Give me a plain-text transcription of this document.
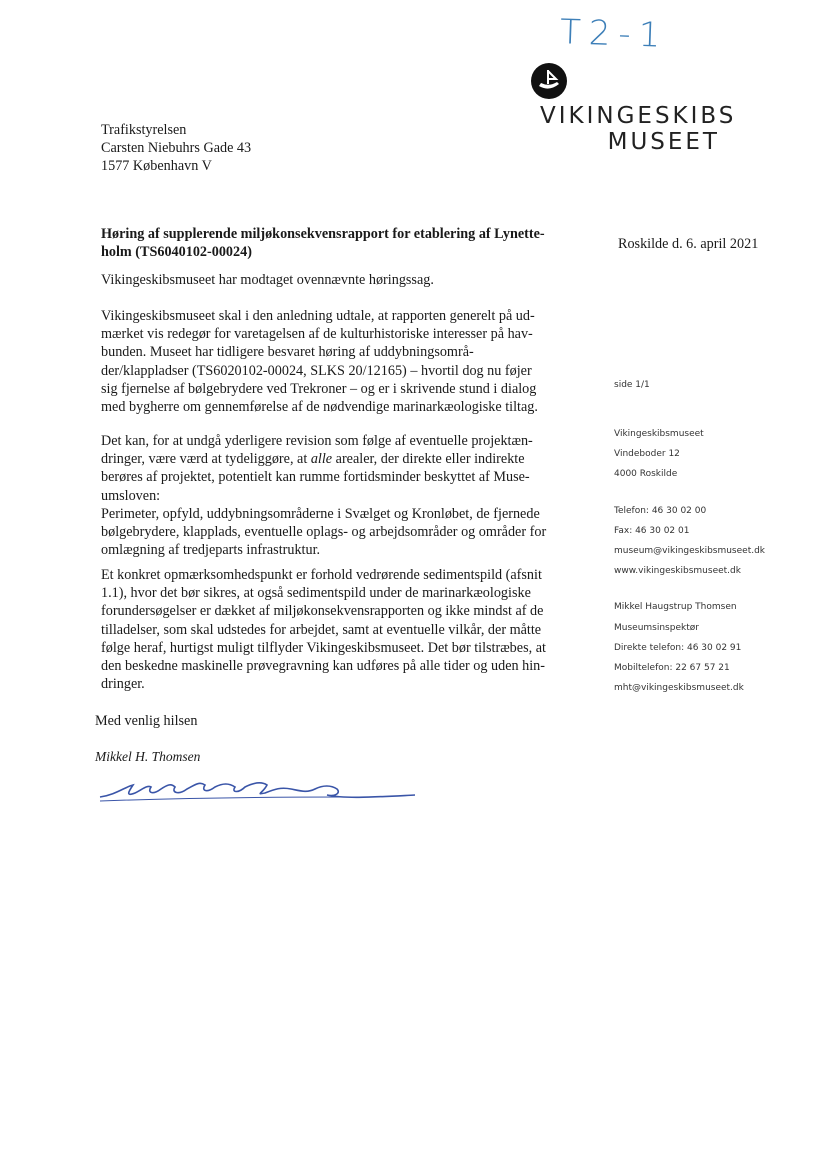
T2-1
VIKINGESKIBS
MUSEET
Trafikstyrelsen
Carsten Niebuhrs Gade 43
1577 København V
Høring af supplerende miljøkonsekvensrapport for etablering af Lynette-
holm (TS6040102-00024)	Roskilde d. 6. april 2021
Vikingeskibsmuseet har modtaget ovennævnte høringssag.
Vikingeskibsmuseet skal i den anledning udtale, at rapporten generelt på ud-
mærket vis redegør for varetagelsen af de kulturhistoriske interesser på hav-
bunden. Museet har tidligere besvaret høring af uddybningsområ-
der/klappladser (TS6020102-00024, SLKS 20/12165) – hvortil dog nu føjer
sig fjernelse af bølgebrydere ved Trekroner – og er i skrivende stund i dialog
med bygherre om gennemførelse af de nødvendige marinarkæologiske tiltag.
Det kan, for at undgå yderligere revision som følge af eventuelle projektæn-
dringer, være værd at tydeliggøre, at alle arealer, der direkte eller indirekte
berøres af projektet, potentielt kan rumme fortidsminder beskyttet af Muse-
umsloven:
Perimeter, opfyld, uddybningsområderne i Svælget og Kronløbet, de fjernede
bølgebrydere, klapplads, eventuelle oplags- og arbejdsområder og områder for
omlægning af tredjeparts infrastruktur.
Et konkret opmærksomhedspunkt er forhold vedrørende sedimentspild (afsnit
1.1), hvor det bør sikres, at også sedimentspild under de marinarkæologiske
forundersøgelser er dækket af miljøkonsekvensrapporten og ikke mindst af de
tilladelser, som skal udstedes for arbejdet, samt at eventuelle vilkår, der måtte
følge heraf, hurtigst muligt tilflyder Vikingeskibsmuseet. Det bør tilstræbes, at
den beskedne maskinelle prøvegravning kan udføres på alle tider og uden hin-
dringer.
Med venlig hilsen
Mikkel H. Thomsen
side 1/1
Vikingeskibsmuseet
Vindeboder 12
4000 Roskilde
Telefon: 46 30 02 00
Fax: 46 30 02 01
museum@vikingeskibsmuseet.dk
www.vikingeskibsmuseet.dk
Mikkel Haugstrup Thomsen
Museumsinspektør
Direkte telefon: 46 30 02 91
Mobiltelefon: 22 67 57 21
mht@vikingeskibsmuseet.dk
